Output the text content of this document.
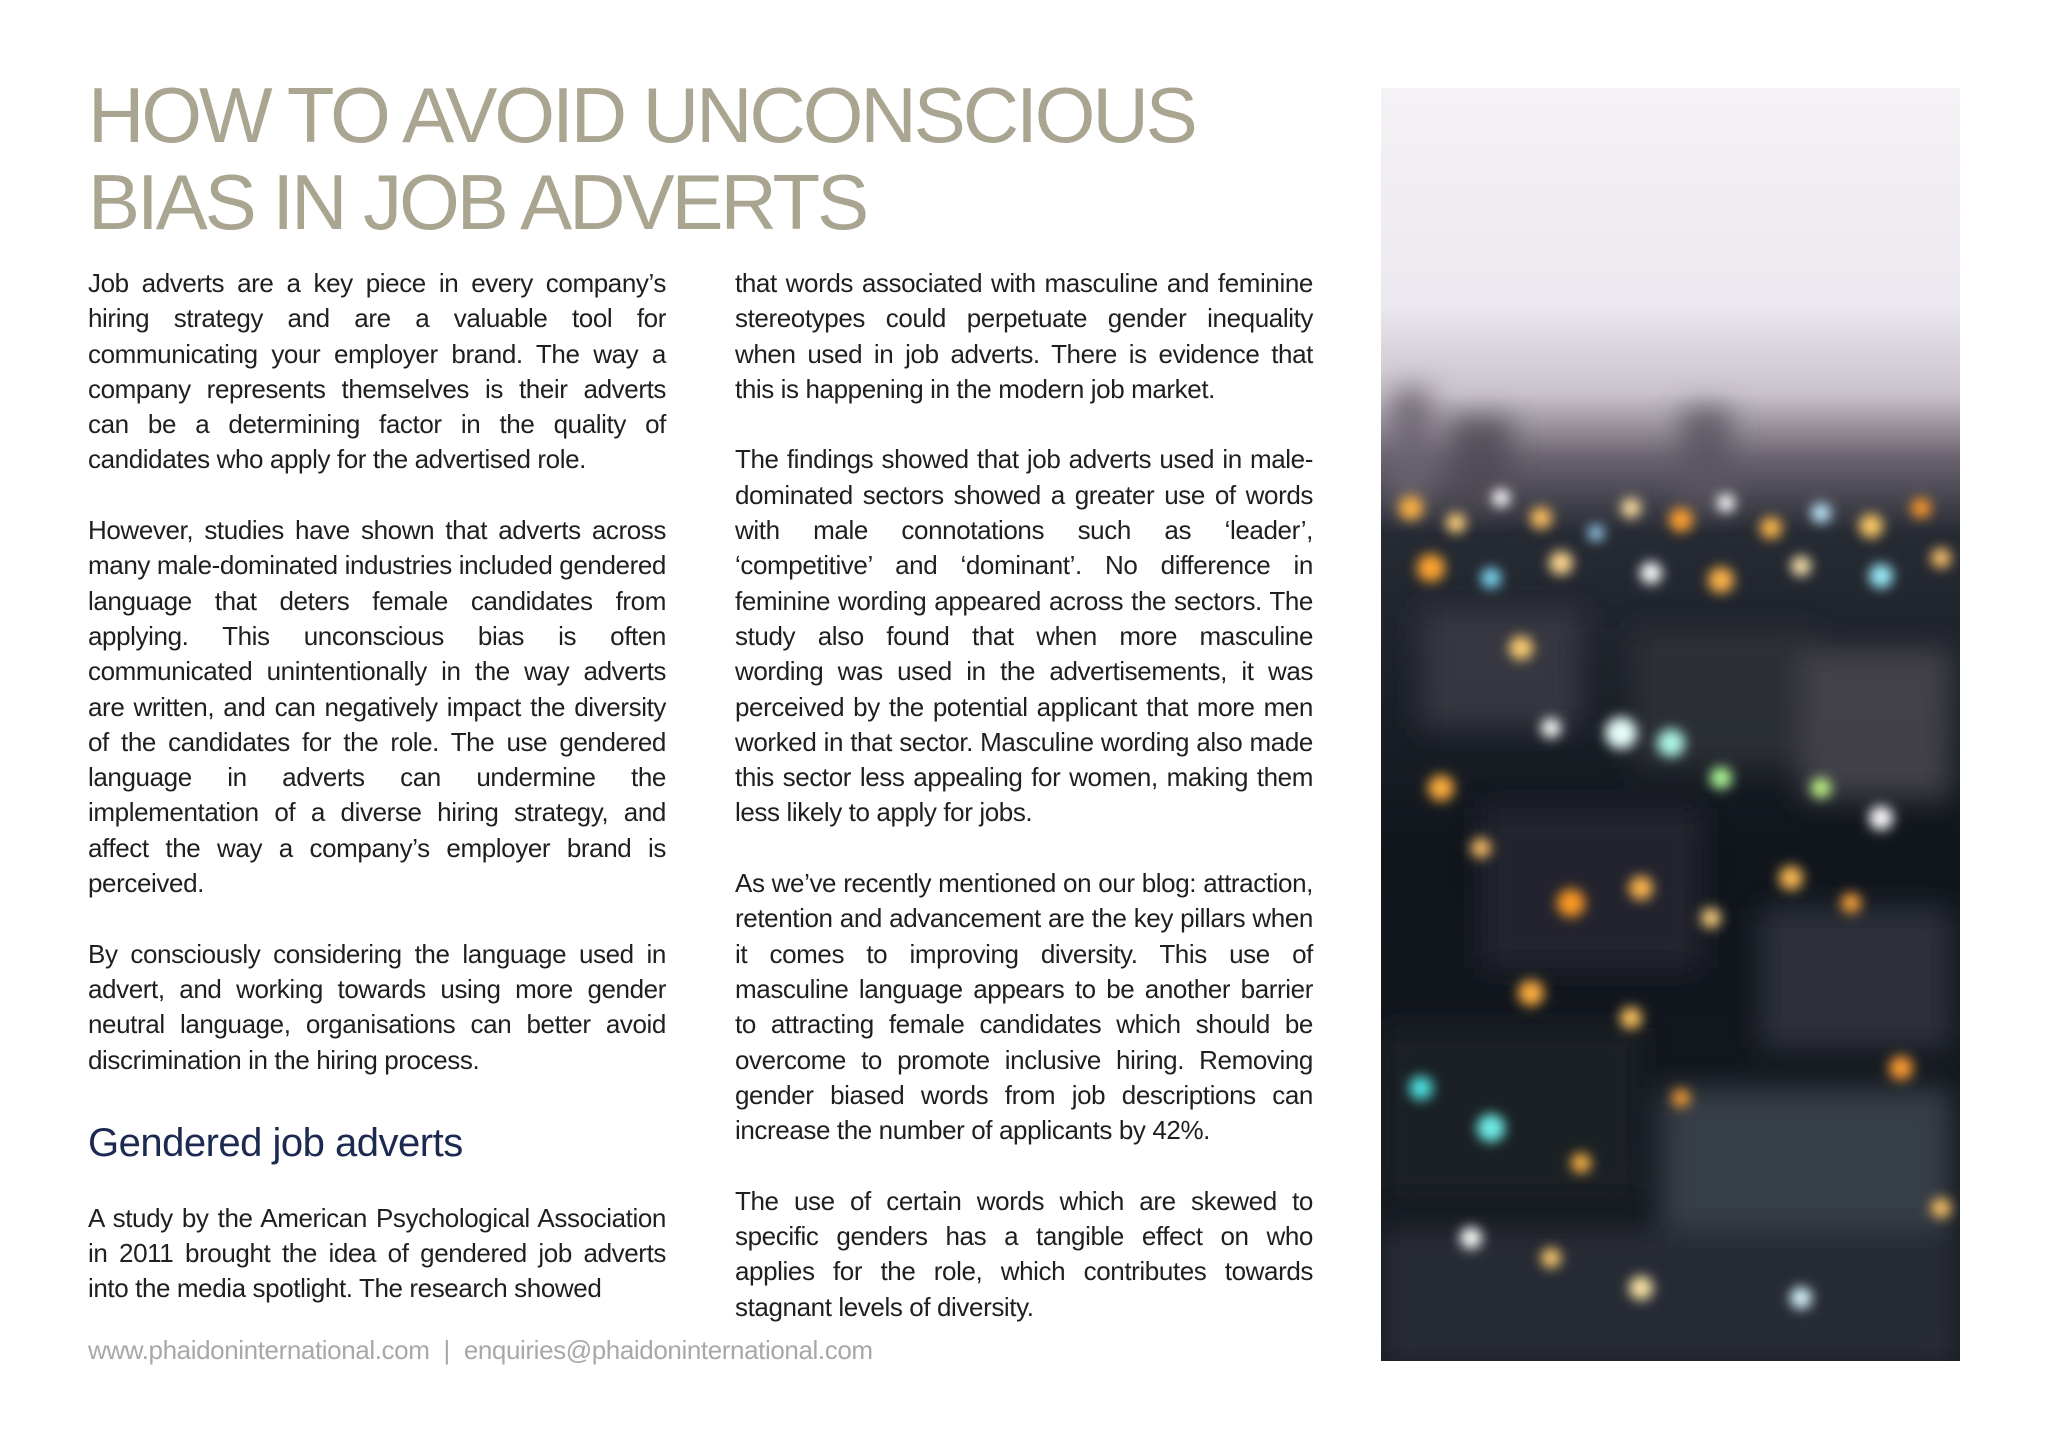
HOW TO AVOID UNCONSCIOUS
BIAS IN JOB ADVERTS

Job adverts are a key piece in every company’s hiring strategy and are a valuable tool for communicating your employer brand. The way a company represents themselves is their adverts can be a determining factor in the quality of candidates who apply for the advertised role.

However, studies have shown that adverts across many male-dominated industries included gendered language that deters female candidates from applying. This unconscious bias is often communicated unintentionally in the way adverts are written, and can negatively impact the diversity of the candidates for the role. The use gendered language in adverts can undermine the implementation of a diverse hiring strategy, and affect the way a company’s employer brand is perceived.

By consciously considering the language used in advert, and working towards using more gender neutral language, organisations can better avoid discrimination in the hiring process.

Gendered job adverts

A study by the American Psychological Association in 2011 brought the idea of gendered job adverts into the media spotlight. The research showed

that words associated with masculine and feminine stereotypes could perpetuate gender inequality when used in job adverts. There is evidence that this is happening in the modern job market.

The findings showed that job adverts used in male-dominated sectors showed a greater use of words with male connotations such as ‘leader’, ‘competitive’ and ‘dominant’. No difference in feminine wording appeared across the sectors. The study also found that when more masculine wording was used in the advertisements, it was perceived by the potential applicant that more men worked in that sector. Masculine wording also made this sector less appealing for women, making them less likely to apply for jobs.

As we’ve recently mentioned on our blog: attraction, retention and advancement are the key pillars when it comes to improving diversity. This use of masculine language appears to be another barrier to attracting female candidates which should be overcome to promote inclusive hiring. Removing gender biased words from job descriptions can increase the number of applicants by 42%.

The use of certain words which are skewed to specific genders has a tangible effect on who applies for the role, which contributes towards stagnant levels of diversity.

www.phaidoninternational.com | enquiries@phaidoninternational.com
